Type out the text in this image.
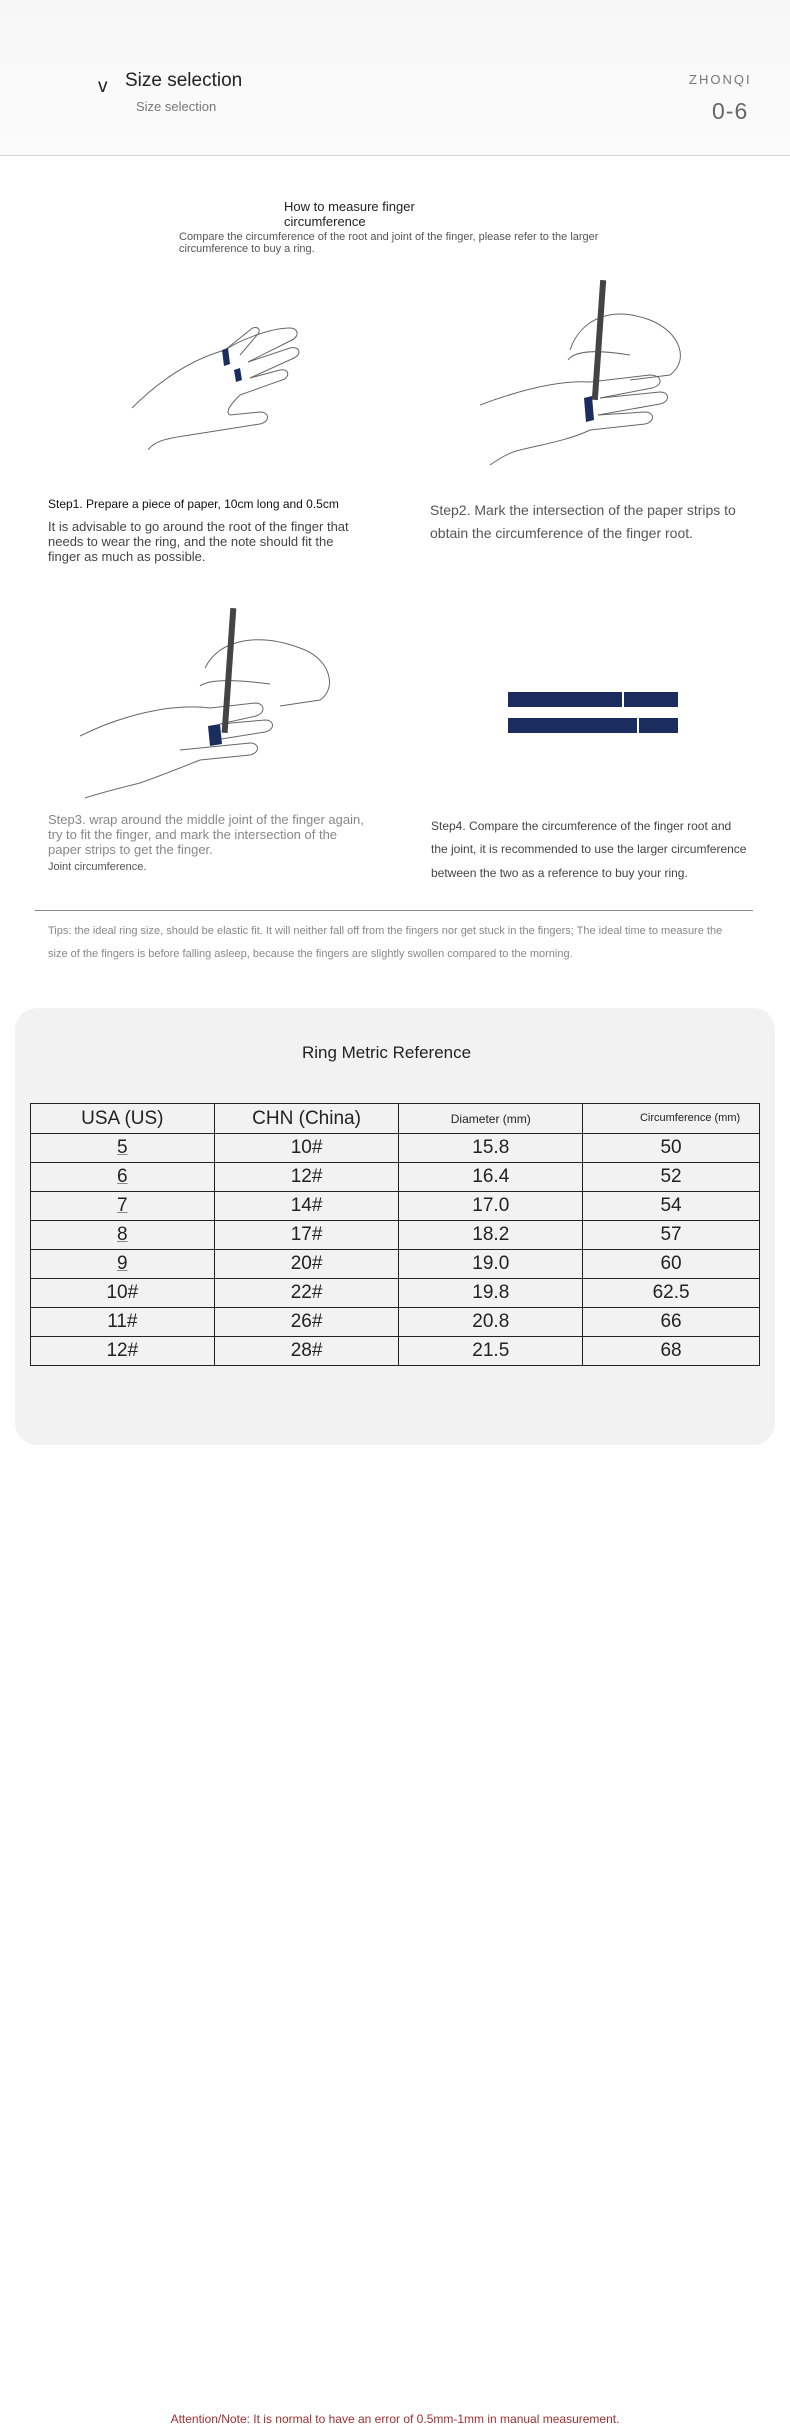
v Size selection
Size selection
ZHONQI
0-6
How to measure finger circumference
Compare the circumference of the root and joint of the finger, please refer to the larger circumference to buy a ring.
Step1. Prepare a piece of paper, 10cm long and 0.5cm
It is advisable to go around the root of the finger that needs to wear the ring, and the note should fit the finger as much as possible.
Step2. Mark the intersection of the paper strips to obtain the circumference of the finger root.
Step3. wrap around the middle joint of the finger again, try to fit the finger, and mark the intersection of the paper strips to get the finger.
Joint circumference.
Step4. Compare the circumference of the finger root and the joint, it is recommended to use the larger circumference between the two as a reference to buy your ring.
Tips: the ideal ring size, should be elastic fit. It will neither fall off from the fingers nor get stuck in the fingers; The ideal time to measure the size of the fingers is before falling asleep, because the fingers are slightly swollen compared to the morning.
Attention/Note: It is normal to have an error of 0.5mm-1mm in manual measurement.
Ring Metric Reference
USA (US)	CHN (China)	Diameter (mm)	Circumference (mm)
5	10#	15.8	50
6	12#	16.4	52
7	14#	17.0	54
8	17#	18.2	57
9	20#	19.0	60
10#	22#	19.8	62.5
11#	26#	20.8	66
12#	28#	21.5	68
